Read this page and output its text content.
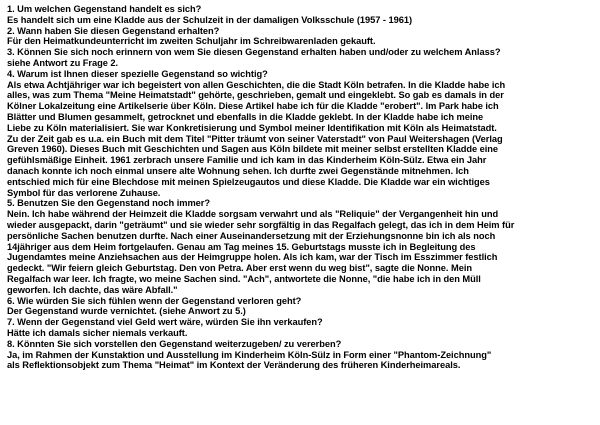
1. Um welchen Gegenstand handelt es sich?
Es handelt sich um eine Kladde aus der Schulzeit in der damaligen Volksschule (1957 - 1961)
2. Wann haben Sie diesen Gegenstand erhalten?
Für den Heimatkundeunterricht im zweiten Schuljahr im Schreibwarenladen gekauft.
3. Können Sie sich noch erinnern von wem Sie diesen Gegenstand erhalten haben und/oder zu welchem Anlass?
siehe Antwort zu Frage 2.
4. Warum ist Ihnen dieser spezielle Gegenstand so wichtig?
Als etwa Achtjähriger war ich begeistert von allen Geschichten, die die Stadt Köln betrafen. In die Kladde habe ich
alles, was zum Thema "Meine Heimatstadt" gehörte, geschrieben, gemalt und eingeklebt. So gab es damals in der
Kölner Lokalzeitung eine Artikelserie über Köln. Diese Artikel habe ich für die Kladde "erobert". Im Park habe ich
Blätter und Blumen gesammelt, getrocknet und ebenfalls in die Kladde geklebt. In der Kladde habe ich meine
Liebe zu Köln materialisiert. Sie war Konkretisierung und Symbol meiner Identifikation mit Köln als Heimatstadt.
Zu der Zeit gab es u.a. ein Buch mit dem Titel "Pitter träumt von seiner Vaterstadt" von Paul Weitershagen (Verlag
Greven 1960). Dieses Buch mit Geschichten und Sagen aus Köln bildete mit meiner selbst erstellten Kladde eine
gefühlsmäßige Einheit. 1961 zerbrach unsere Familie und ich kam in das Kinderheim Köln-Sülz. Etwa ein Jahr
danach konnte ich noch einmal unsere alte Wohnung sehen. Ich durfte zwei Gegenstände mitnehmen. Ich
entschied mich für eine Blechdose mit meinen Spielzeugautos und diese Kladde. Die Kladde war ein wichtiges
Symbol für das verlorene Zuhause.
5. Benutzen Sie den Gegenstand noch immer?
Nein. Ich habe während der Heimzeit die Kladde sorgsam verwahrt und als "Reliquie" der Vergangenheit hin und
wieder ausgepackt, darin "geträumt" und sie wieder sehr sorgfältig in das Regalfach gelegt, das ich in dem Heim für
persönliche Sachen benutzen durfte. Nach einer Auseinandersetzung mit der Erziehungsnonne bin ich als noch
14jähriger aus dem Heim fortgelaufen. Genau am Tag meines 15. Geburtstags musste ich in Begleitung des
Jugendamtes meine Anziehsachen aus der Heimgruppe holen. Als ich kam, war der Tisch im Esszimmer festlich
gedeckt. "Wir feiern gleich Geburtstag. Den von Petra. Aber erst wenn du weg bist", sagte die Nonne. Mein
Regalfach war leer. Ich fragte, wo meine Sachen sind. "Ach", antwortete die Nonne, "die habe ich in den Müll
geworfen. Ich dachte, das wäre Abfall."
6. Wie würden Sie sich fühlen wenn der Gegenstand verloren geht?
Der Gegenstand wurde vernichtet. (siehe Anwort zu 5.)
7. Wenn der Gegenstand viel Geld wert wäre, würden Sie ihn verkaufen?
Hätte ich damals sicher niemals verkauft.
8. Könnten Sie sich vorstellen den Gegenstand weiterzugeben/ zu vererben?
Ja, im Rahmen der Kunstaktion und Ausstellung im Kinderheim Köln-Sülz in Form einer "Phantom-Zeichnung"
als Reflektionsobjekt zum Thema "Heimat" im Kontext der Veränderung des früheren Kinderheimareals.
